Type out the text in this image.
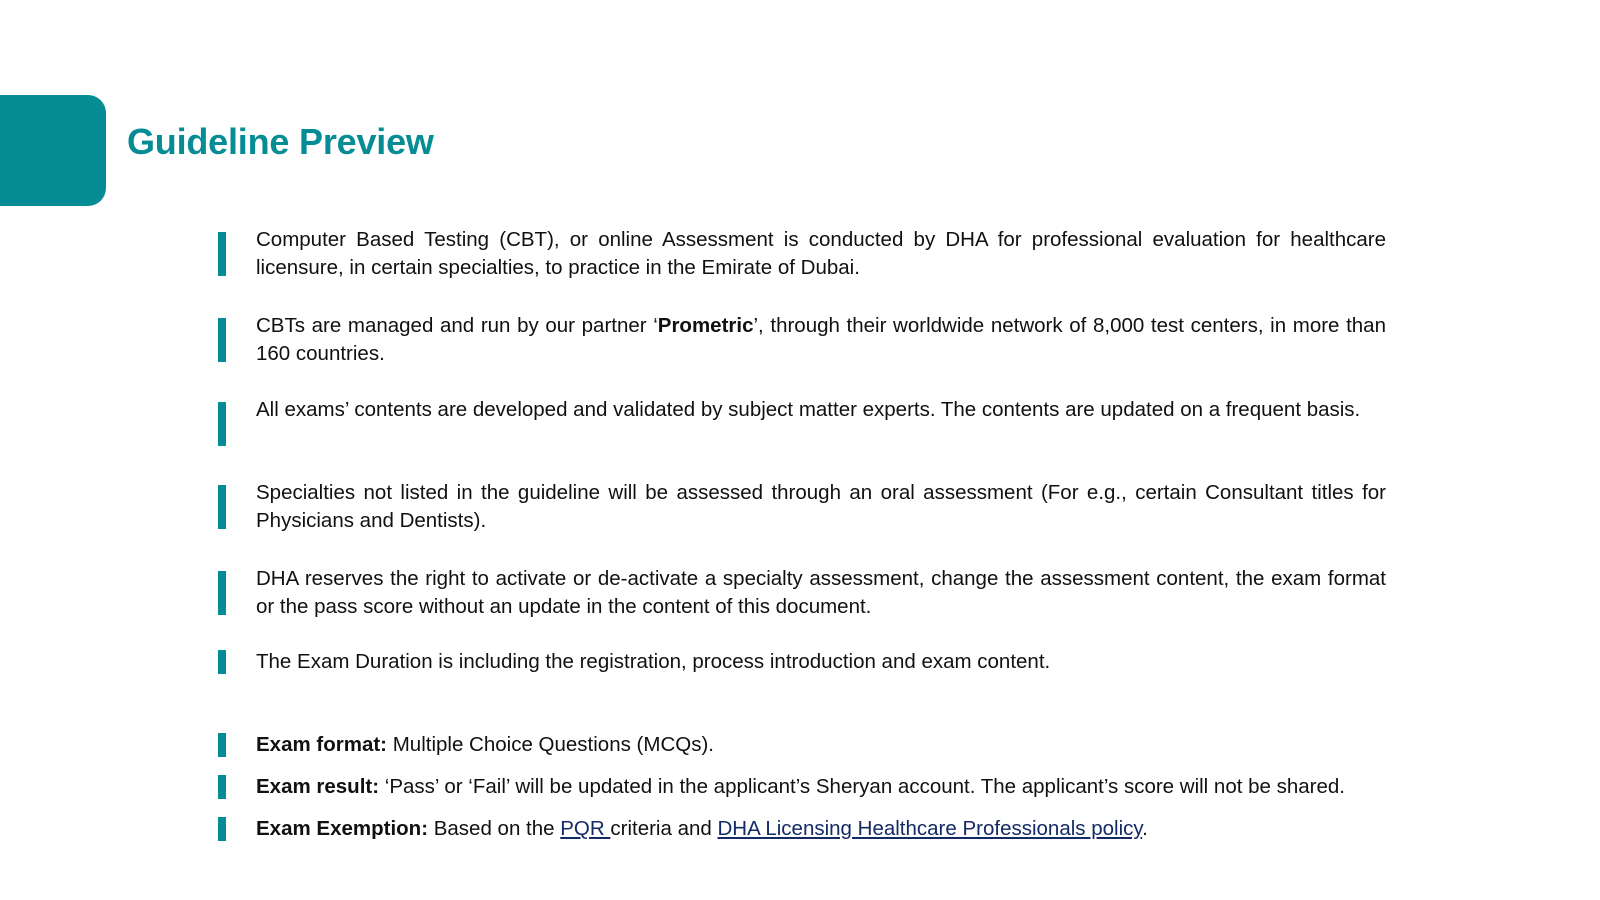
Guideline Preview

Computer Based Testing (CBT), or online Assessment is conducted by DHA for professional evaluation for healthcare licensure, in certain specialties, to practice in the Emirate of Dubai.

CBTs are managed and run by our partner ‘Prometric’, through their worldwide network of 8,000 test centers, in more than 160 countries.

All exams’ contents are developed and validated by subject matter experts. The contents are updated on a frequent basis.

Specialties not listed in the guideline will be assessed through an oral assessment (For e.g., certain Consultant titles for Physicians and Dentists).

DHA reserves the right to activate or de-activate a specialty assessment, change the assessment content, the exam format or the pass score without an update in the content of this document.

The Exam Duration is including the registration, process introduction and exam content.

Exam format: Multiple Choice Questions (MCQs).

Exam result: ‘Pass’ or ‘Fail’ will be updated in the applicant’s Sheryan account. The applicant’s score will not be shared.

Exam Exemption: Based on the PQR criteria and DHA Licensing Healthcare Professionals policy.
